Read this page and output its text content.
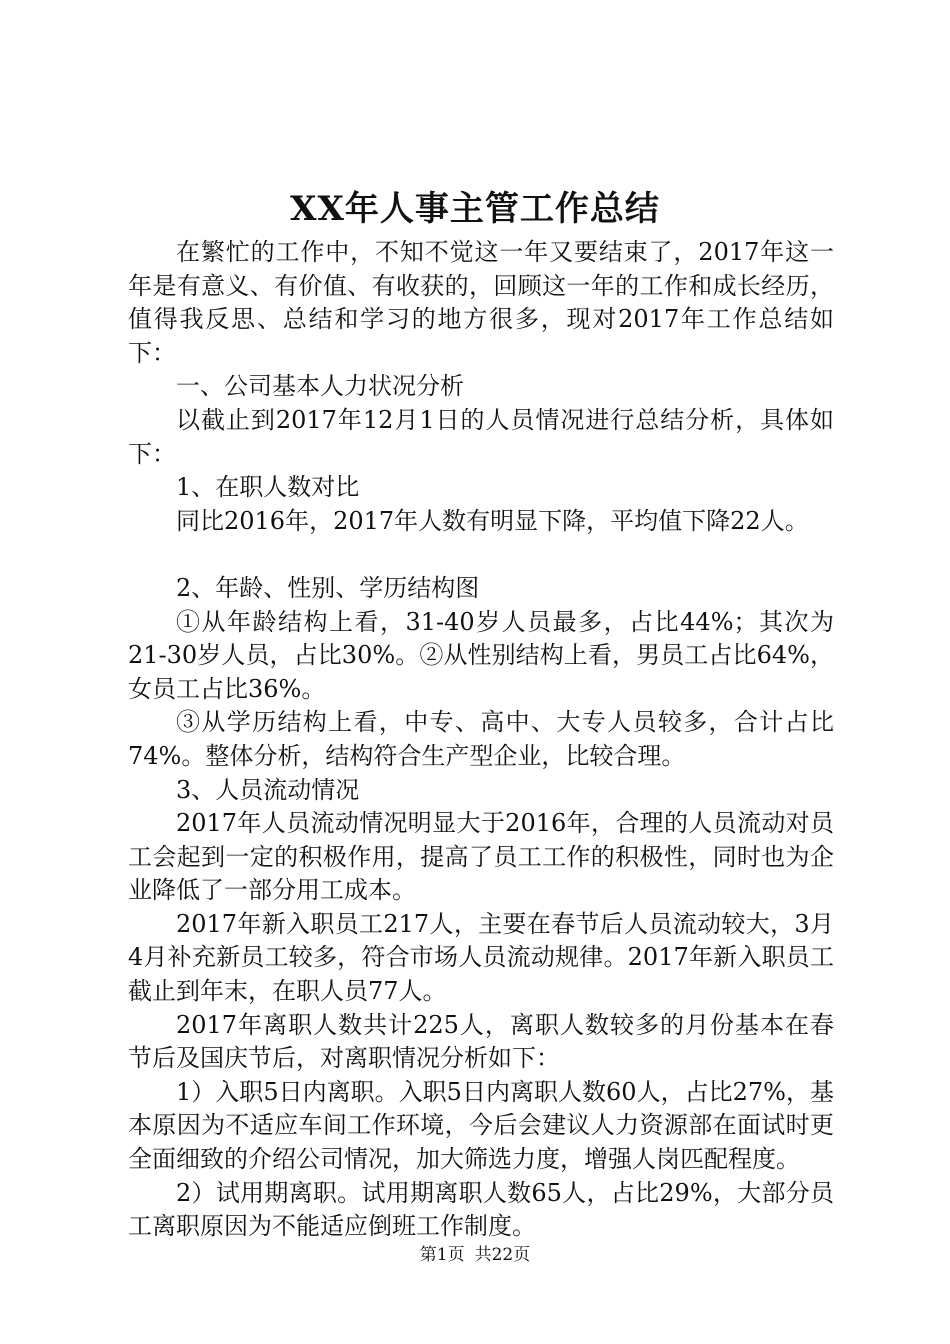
XX年人事主管工作总结

在繁忙的工作中，不知不觉这一年又要结束了，2017年这一年是有意义、有价值、有收获的，回顾这一年的工作和成长经历，值得我反思、总结和学习的地方很多，现对2017年工作总结如下：

一、公司基本人力状况分析

以截止到2017年12月1日的人员情况进行总结分析，具体如下：

1、在职人数对比

同比2016年，2017年人数有明显下降，平均值下降22人。

2、年龄、性别、学历结构图

①从年龄结构上看，31-40岁人员最多，占比44%；其次为21-30岁人员，占比30%。②从性别结构上看，男员工占比64%，女员工占比36%。

③从学历结构上看，中专、高中、大专人员较多，合计占比74%。整体分析，结构符合生产型企业，比较合理。

3、人员流动情况

2017年人员流动情况明显大于2016年，合理的人员流动对员工会起到一定的积极作用，提高了员工工作的积极性，同时也为企业降低了一部分用工成本。

2017年新入职员工217人，主要在春节后人员流动较大，3月4月补充新员工较多，符合市场人员流动规律。2017年新入职员工截止到年末，在职人员77人。

2017年离职人数共计225人，离职人数较多的月份基本在春节后及国庆节后，对离职情况分析如下：

1）入职5日内离职。入职5日内离职人数60人，占比27%，基本原因为不适应车间工作环境，今后会建议人力资源部在面试时更全面细致的介绍公司情况，加大筛选力度，增强人岗匹配程度。

2）试用期离职。试用期离职人数65人，占比29%，大部分员工离职原因为不能适应倒班工作制度。

第1页 共22页
